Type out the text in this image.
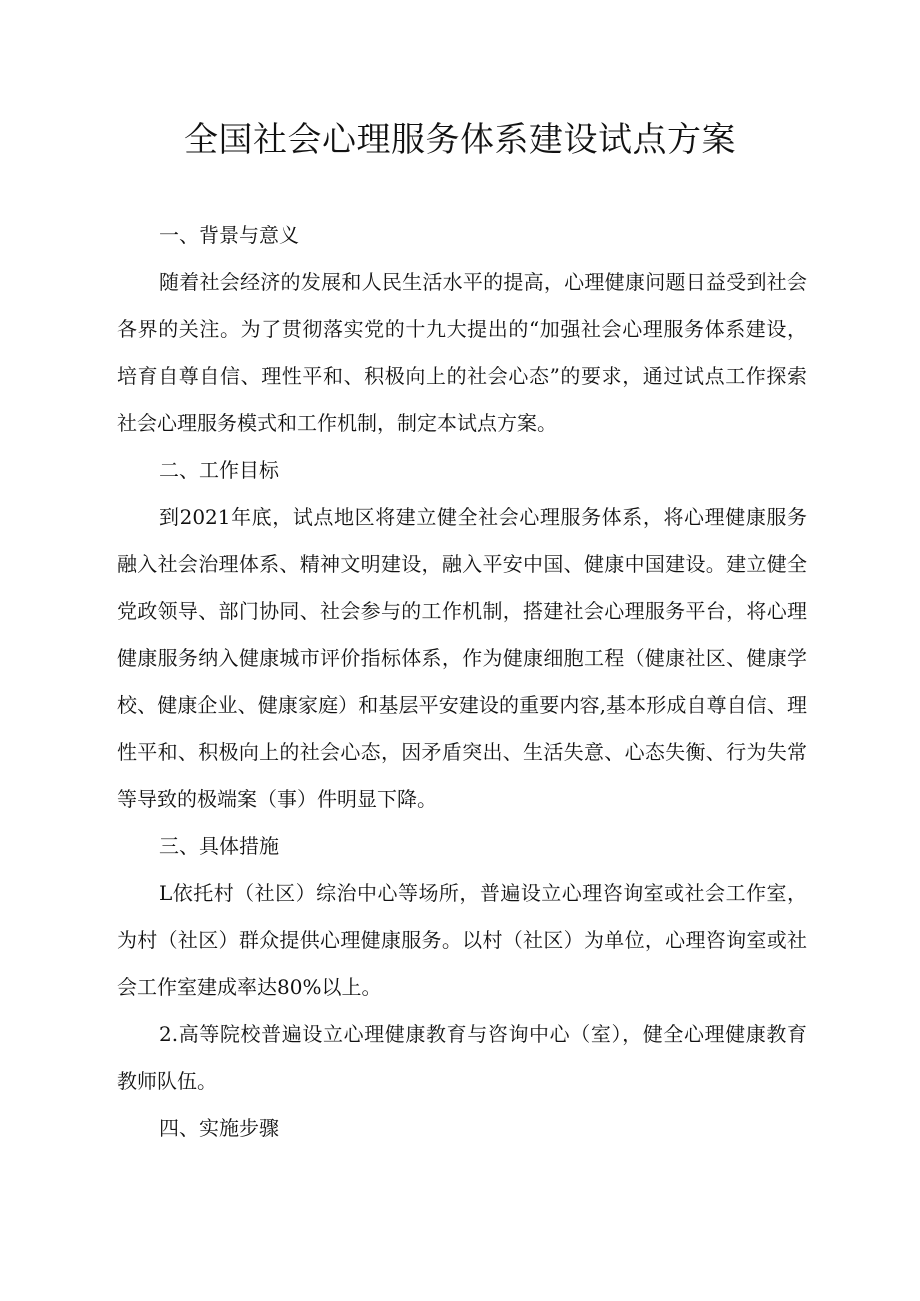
全国社会心理服务体系建设试点方案

一、背景与意义

随着社会经济的发展和人民生活水平的提高，心理健康问题日益受到社会各界的关注。为了贯彻落实党的十九大提出的“加强社会心理服务体系建设，培育自尊自信、理性平和、积极向上的社会心态”的要求，通过试点工作探索社会心理服务模式和工作机制，制定本试点方案。

二、工作目标

到2021年底，试点地区将建立健全社会心理服务体系，将心理健康服务融入社会治理体系、精神文明建设，融入平安中国、健康中国建设。建立健全党政领导、部门协同、社会参与的工作机制，搭建社会心理服务平台，将心理健康服务纳入健康城市评价指标体系，作为健康细胞工程（健康社区、健康学校、健康企业、健康家庭）和基层平安建设的重要内容,基本形成自尊自信、理性平和、积极向上的社会心态，因矛盾突出、生活失意、心态失衡、行为失常等导致的极端案（事）件明显下降。

三、具体措施

L依托村（社区）综治中心等场所，普遍设立心理咨询室或社会工作室，为村（社区）群众提供心理健康服务。以村（社区）为单位，心理咨询室或社会工作室建成率达80%以上。

2.高等院校普遍设立心理健康教育与咨询中心（室），健全心理健康教育教师队伍。

四、实施步骤
